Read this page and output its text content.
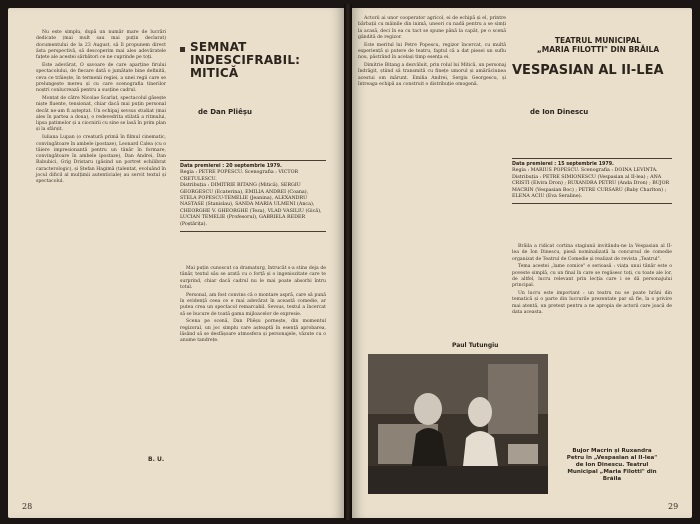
Nu este simplu, după un număr mare de lucrări dedicate (mai mult sau mai puțin declarat) documentului de la 23 August, să îl propunem direct ăsta perspectivă, să descoperim mai ales adevăratele fațete ale acestei sărbători ce ne cuprinde pe toți.

Este adevărat, O savoare de care aparține firului spectacolului, de fiecare dată o jumătate bine definită, ceva ce trăiește, în termenii regiei, a unei regii care se prelungește mereu și cu care scenografia tinerilor noștri conlucrează pentru a susține cadrul.

Montat de către Nicolae Scarlat, spectacolul găsește niște fluente, tensionat, chiar dacă mai puțin personal decât ne-am fi așteptat. Un echipaj sevsus studiat (mai ales în partea a doua), o redevedrita stilată a ritmului, lipsa patimelor și a ciocnirii cu sine se lasă în prim plan și la sfârșit.

Iuliana Lupan (o creatură primă în filmul cinematic, convingătoare în ambele ipostaze), Leonard Calea (cu o tăiere impresionantă pentru un tânăr în formare, convingătoare în ambele ipostaze), Dan Andrei, Dan Babubici, Grig Dristaru (găsind un portret echilibrat caracterologic), și Ștefan Hagimă (talentat, evoluând în jocul dificil al mulțimii autenticiale) au servit textul și spectacolul.

B. U.
SEMNAT
INDESCIFRABIL:
MITICĂ
de Dan Pliêșu
Data premierei : 20 septembrie 1979.
Regia : PETRE POPESCU. Scenografia : VICTOR CRETULESCU.
Distribuția : DIMITRIE BITANG (Mitică), SERGIU GEORGESCU (Ecaterina), EMILIA ANDREI (Coana), STELA POPESCU-TEMELIE (Jeanina), ALEXANDRU NASTASE (Stanislau), SANDA MARIA ULMENI (Anca), CHEORGHE V. GHEORGHE (Teza), VLAD VASILIU (Gică), LUCIAN TEMELIE (Profesorul), GABRIELA REDER (Poștărița).

Mai puțin cunoscut ca dramaturg, întrucât s-a stins deja de tânăr, textul său se arată cu o forță și o ingeniozitate care te surprind, chiar dacă cadrul nu le mai poate absorbi întru totul.

Personal, am fost convins că o montare aspră, care să pună în evidență ceea ce e mai adevărat în această comedie, ar putea crea un spectacol remarcabil. Sevsus, textul a încercat să se bucure de toată gama mijloacelor de expresie.

Scena pe scenă, Dan Pliêșu pornește, din momentul regizoral, un joc simplu care așteaptă în esență aprobarea, lăsând să se desfășoare atmosfera și personajele, văzute cu o anume tandrețe.

28

Actorii ai unor cooperator agricol, ei de echipă și el, printre bărbații cu mâinile din inimă, uneori cu nadă pentru a se simți la acasă, deci în ea cu tact se spune până la capăt, pe o scenă gândită de regizor.

Este meritul lui Petre Popescu, regizor încercat, cu multă experiență și putere de teatru, faptul că a dat piesei un suflu nou, păstrând în același timp esența ei.

Dimitrie Bitang a dezvăluit, prin rolul lui Mitică, un personaj îndrăgit, știind să transmită cu finețe umorul și amărăciunea acestui om mărunt. Emilia Andrei, Sergiu Georgescu, și întreaga echipă au construit o distribuție omogenă.

Paul Tutungiu
Bujor Macrin și Ruxandra
Petru în „Vespasian al II-lea"
de Ion Dinescu. Teatrul
Municipal „Maria Filotti" din
Brăila
TEATRUL MUNICIPAL
„MARIA FILOTTI" DIN BRĂILA
VESPASIAN AL II-LEA
de Ion Dinescu
Data premierei : 15 septembrie 1979.
Regia : MARIUS POPESCU. Scenografia : DOINA LEVINTA.
Distribuția : PETRE SIMIONESCU (Vespasian al II-lea) ; ANA CRISTI (Elvira Dron) ; RUXANDRA PETRU (Anda Dron) ; BUJOR MACRIN (Vespasian Boc) ; PETRE CURSARU (Baby Charlton) ; ELENA ACIU (Eva Seraline).

Brăila a ridicat cortina stagiunii invitându-ne la Vespasian al II-lea de Ion Dinescu, piesă nominalizată la concursul de comedie organizat de Teatrul de Comedie și realizat de revista „Teatrul".

Tema acestei „lame comice" e serioasă : viața unui tânăr este o poveste simplă, cu un final în care se regăsesc toți, cu toate ale lor, de altfel, lucru relevant prin lecția care i se dă personajului principal.

Un lucru este important : un teatru nu se poate hrăni din tematică și o parte din lucrurile prezentate par să fie, la o privire mai atentă, un pretext pentru a ne apropia de actorii care joacă de data aceasta.

29
